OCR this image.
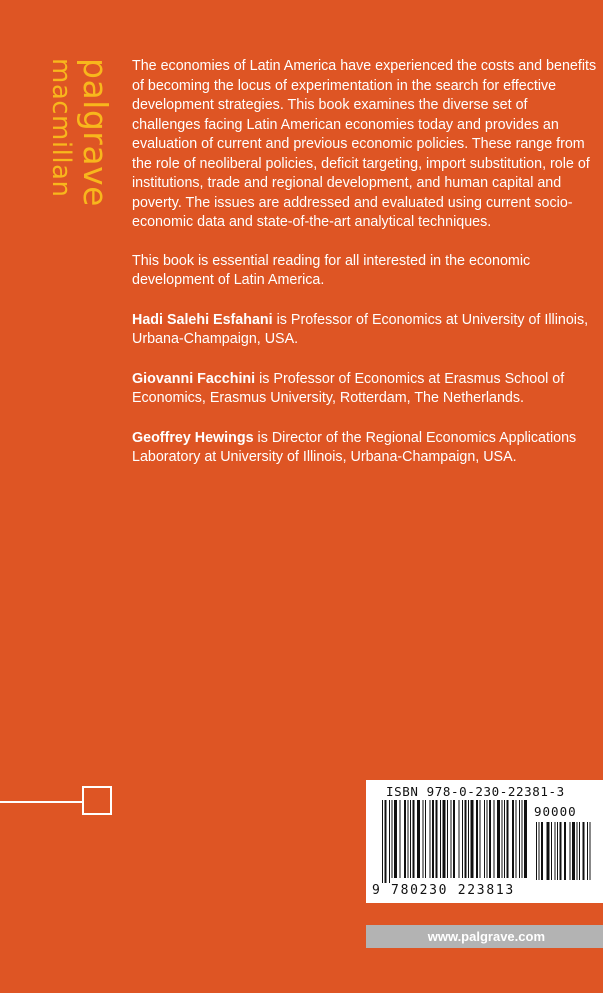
palgrave
macmillan	The economies of Latin America have experienced the costs and benefits of becoming the locus of experimentation in the search for effective development strategies. This book examines the diverse set of challenges facing Latin American economies today and provides an evaluation of current and previous economic policies. These range from the role of neoliberal policies, deficit targeting, import substitution, role of institutions, trade and regional development, and human capital and poverty. The issues are addressed and evaluated using current socio-economic data and state-of-the-art analytical techniques.

This book is essential reading for all interested in the economic development of Latin America.

Hadi Salehi Esfahani is Professor of Economics at University of Illinois, Urbana-Champaign, USA.

Giovanni Facchini is Professor of Economics at Erasmus School of Economics, Erasmus University, Rotterdam, The Netherlands.

Geoffrey Hewings is Director of the Regional Economics Applications Laboratory at University of Illinois, Urbana-Champaign, USA.

ISBN 978-0-230-22381-3
90000
9 780230 223813
www.palgrave.com
